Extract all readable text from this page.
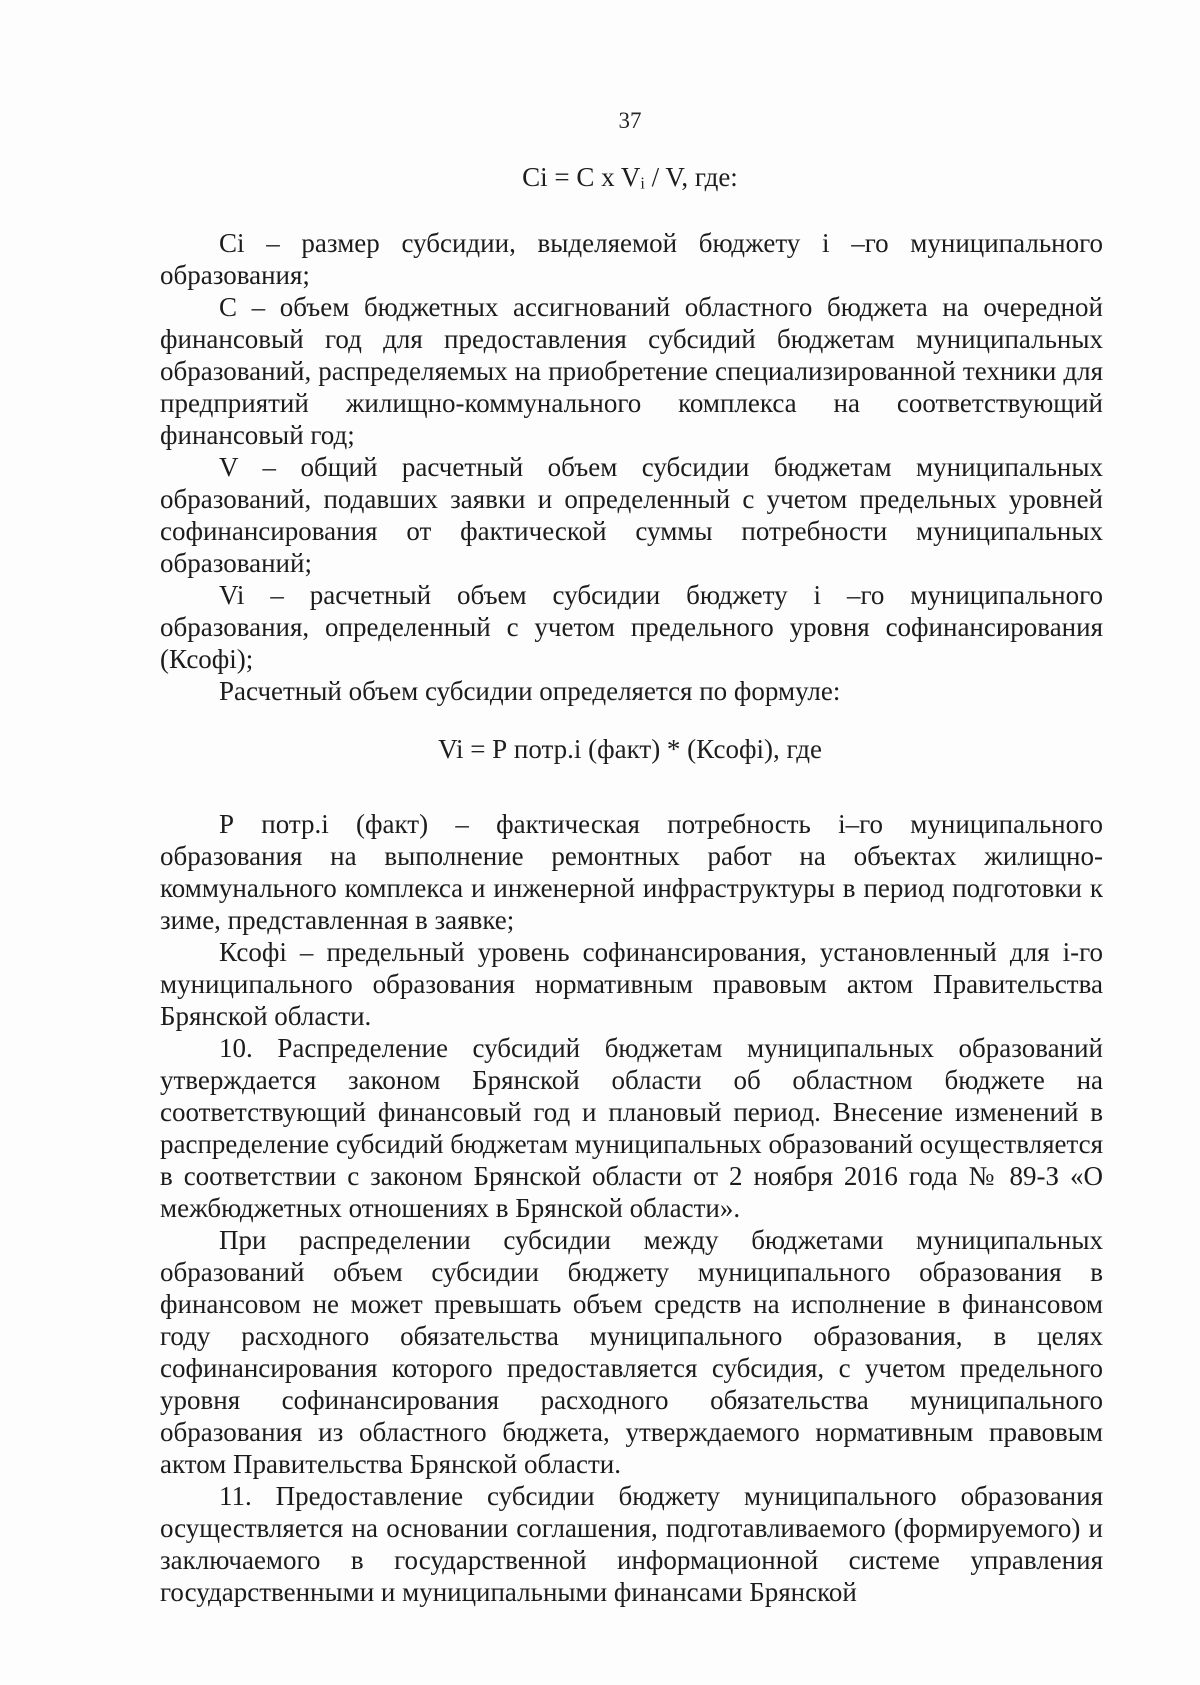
37
Ci = C x Vᵢ / V, где:

Ci – размер субсидии, выделяемой бюджету i –го муниципального образования;

C – объем бюджетных ассигнований областного бюджета на очередной финансовый год для предоставления субсидий бюджетам муниципальных образований, распределяемых на приобретение специализированной техники для предприятий жилищно-коммунального комплекса на соответствующий финансовый год;

V – общий расчетный объем субсидии бюджетам муниципальных образований, подавших заявки и определенный с учетом предельных уровней софинансирования от фактической суммы потребности муниципальных образований;

Vi – расчетный объем субсидии бюджету i –го муниципального образования, определенный с учетом предельного уровня софинансирования (Ксофi);

Расчетный объем субсидии определяется по формуле:

Vi = Р потр.i (факт) * (Ксофi), где

Р потр.i (факт) – фактическая потребность i–го муниципального образования на выполнение ремонтных работ на объектах жилищно-коммунального комплекса и инженерной инфраструктуры в период подготовки к зиме, представленная в заявке;

Ксофi – предельный уровень софинансирования, установленный для i-го муниципального образования нормативным правовым актом Правительства Брянской области.

10. Распределение субсидий бюджетам муниципальных образований утверждается законом Брянской области об областном бюджете на соответствующий финансовый год и плановый период. Внесение изменений в распределение субсидий бюджетам муниципальных образований осуществляется в соответствии с законом Брянской области от 2 ноября 2016 года № 89-З «О межбюджетных отношениях в Брянской области».

При распределении субсидии между бюджетами муниципальных образований объем субсидии бюджету муниципального образования в финансовом не может превышать объем средств на исполнение в финансовом году расходного обязательства муниципального образования, в целях софинансирования которого предоставляется субсидия, с учетом предельного уровня софинансирования расходного обязательства муниципального образования из областного бюджета, утверждаемого нормативным правовым актом Правительства Брянской области.

11. Предоставление субсидии бюджету муниципального образования осуществляется на основании соглашения, подготавливаемого (формируемого) и заключаемого в государственной информационной системе управления государственными и муниципальными финансами Брянской
